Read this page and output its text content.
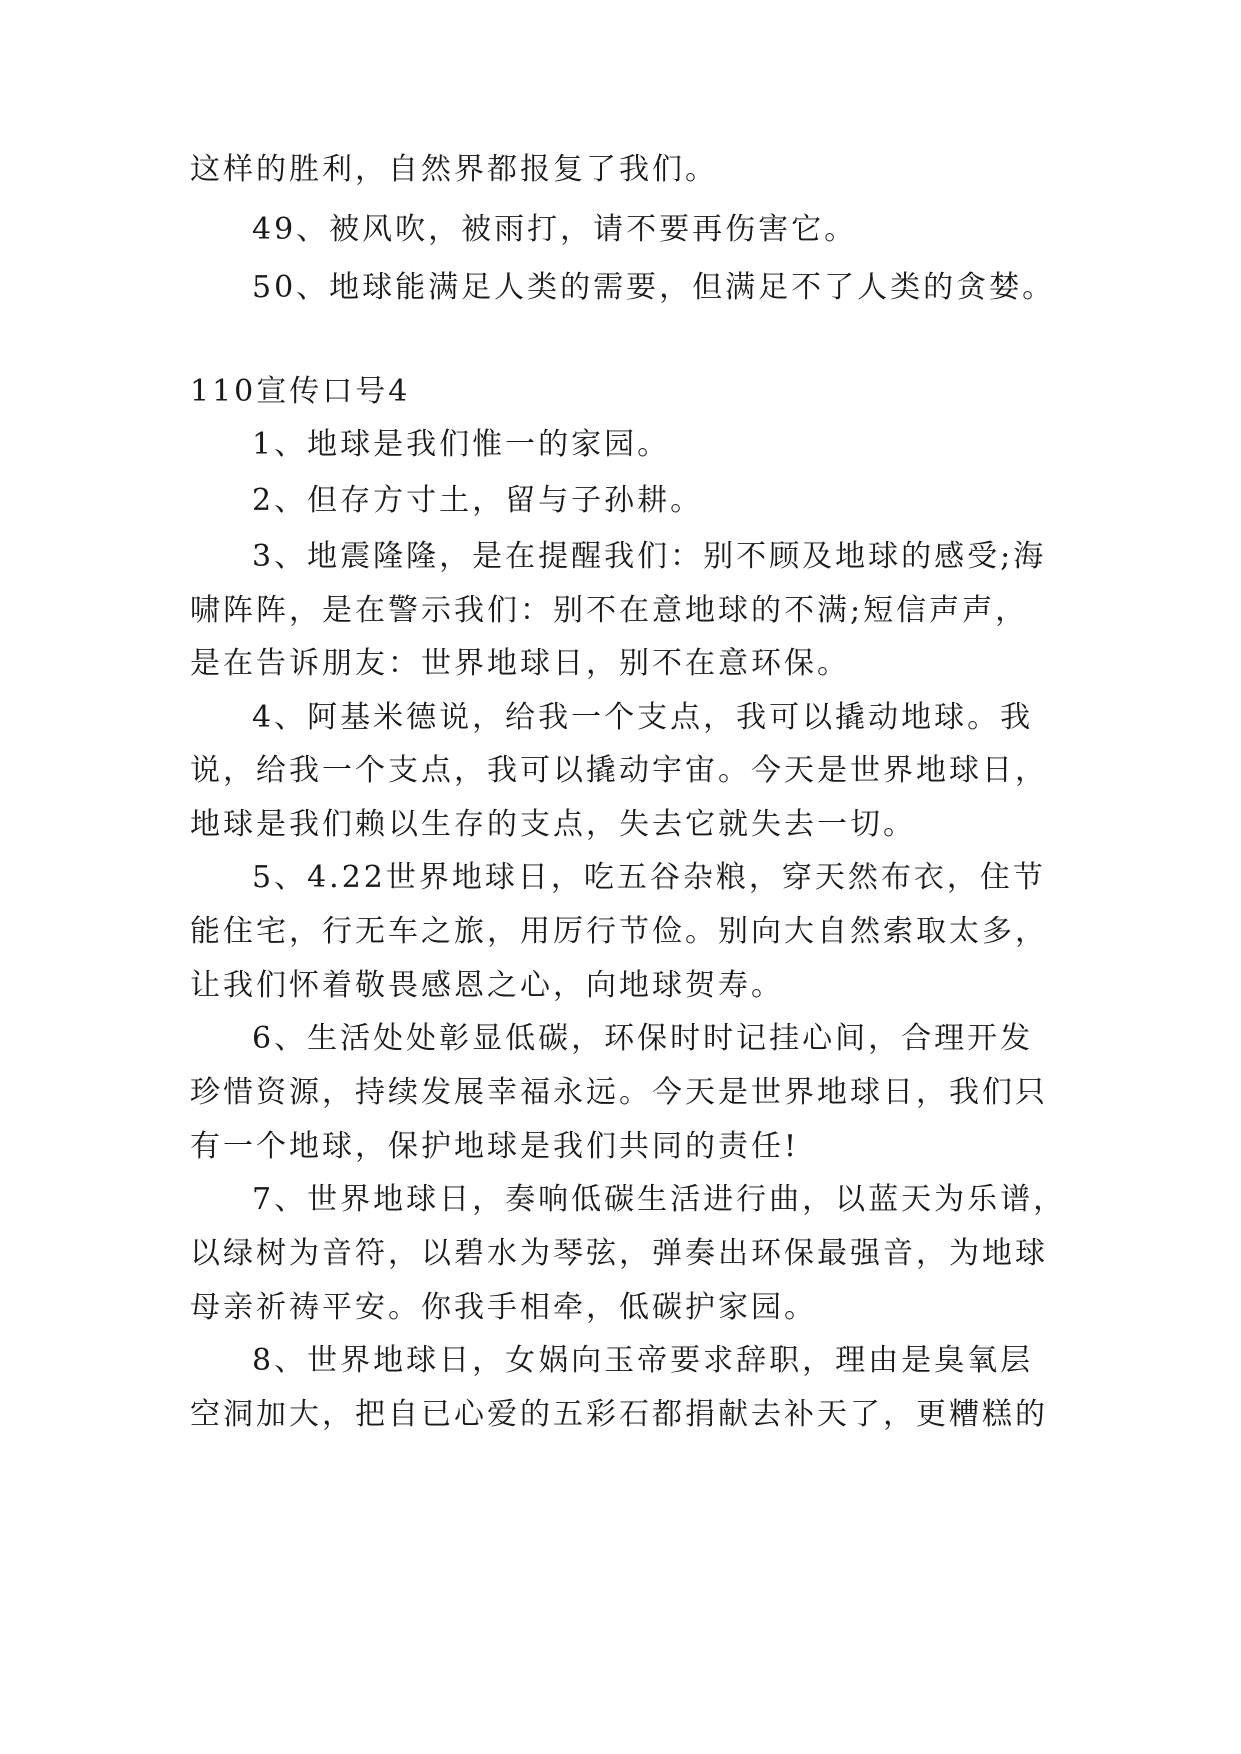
这样的胜利，自然界都报复了我们。
49、被风吹，被雨打，请不要再伤害它。
50、地球能满足人类的需要，但满足不了人类的贪婪。
110宣传口号4
1、地球是我们惟一的家园。
2、但存方寸土，留与子孙耕。
3、地震隆隆，是在提醒我们：别不顾及地球的感受;海
啸阵阵，是在警示我们：别不在意地球的不满;短信声声，
是在告诉朋友：世界地球日，别不在意环保。
4、阿基米德说，给我一个支点，我可以撬动地球。我
说，给我一个支点，我可以撬动宇宙。今天是世界地球日，
地球是我们赖以生存的支点，失去它就失去一切。
5、4.22世界地球日，吃五谷杂粮，穿天然布衣，住节
能住宅，行无车之旅，用厉行节俭。别向大自然索取太多，
让我们怀着敬畏感恩之心，向地球贺寿。
6、生活处处彰显低碳，环保时时记挂心间，合理开发
珍惜资源，持续发展幸福永远。今天是世界地球日，我们只
有一个地球，保护地球是我们共同的责任!
7、世界地球日，奏响低碳生活进行曲，以蓝天为乐谱，
以绿树为音符，以碧水为琴弦，弹奏出环保最强音，为地球
母亲祈祷平安。你我手相牵，低碳护家园。
8、世界地球日，女娲向玉帝要求辞职，理由是臭氧层
空洞加大，把自已心爱的五彩石都捐献去补天了，更糟糕的
